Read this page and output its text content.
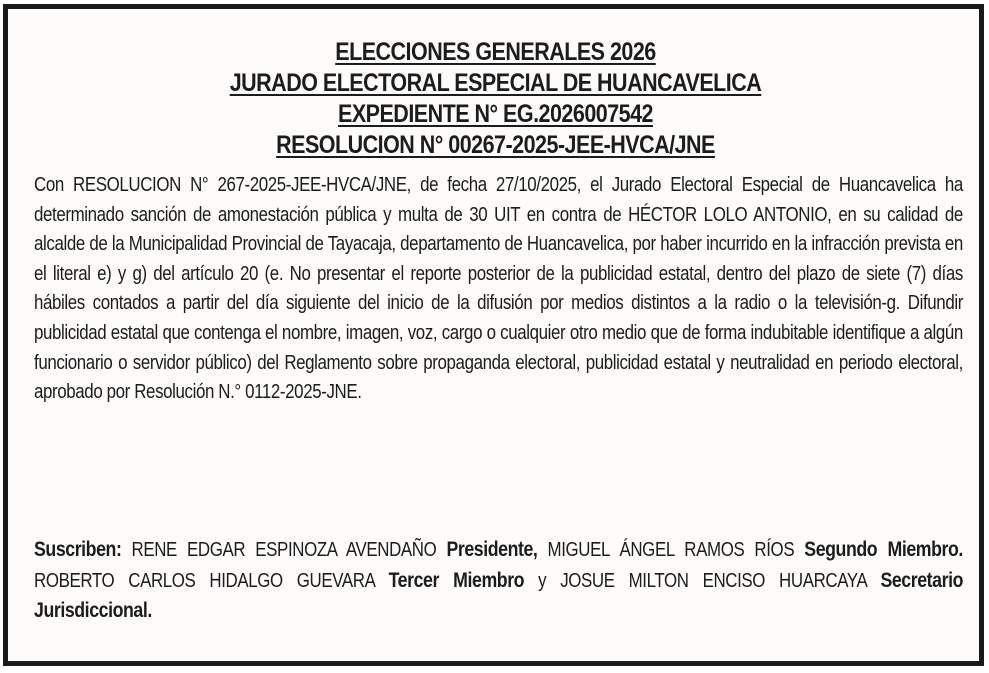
ELECCIONES GENERALES 2026
JURADO ELECTORAL ESPECIAL DE HUANCAVELICA
EXPEDIENTE N° EG.2026007542
RESOLUCION N° 00267-2025-JEE-HVCA/JNE

Con RESOLUCION N° 267-2025-JEE-HVCA/JNE, de fecha 27/10/2025, el Jurado Electoral Especial de Huancavelica ha determinado sanción de amonestación pública y multa de 30 UIT en contra de HÉCTOR LOLO ANTONIO, en su calidad de alcalde de la Municipalidad Provincial de Tayacaja, departamento de Huancavelica, por haber incurrido en la infracción prevista en el literal e) y g) del artículo 20 (e. No presentar el reporte posterior de la publicidad estatal, dentro del plazo de siete (7) días hábiles contados a partir del día siguiente del inicio de la difusión por medios distintos a la radio o la televisión-g. Difundir publicidad estatal que contenga el nombre, imagen, voz, cargo o cualquier otro medio que de forma indubitable identifique a algún funcionario o servidor público) del Reglamento sobre propaganda electoral, publicidad estatal y neutralidad en periodo electoral, aprobado por Resolución N.° 0112-2025-JNE.

Suscriben: RENE EDGAR ESPINOZA AVENDAÑO Presidente, MIGUEL ÁNGEL RAMOS RÍOS Segundo Miembro. ROBERTO CARLOS HIDALGO GUEVARA Tercer Miembro y JOSUE MILTON ENCISO HUARCAYA Secretario Jurisdiccional.
